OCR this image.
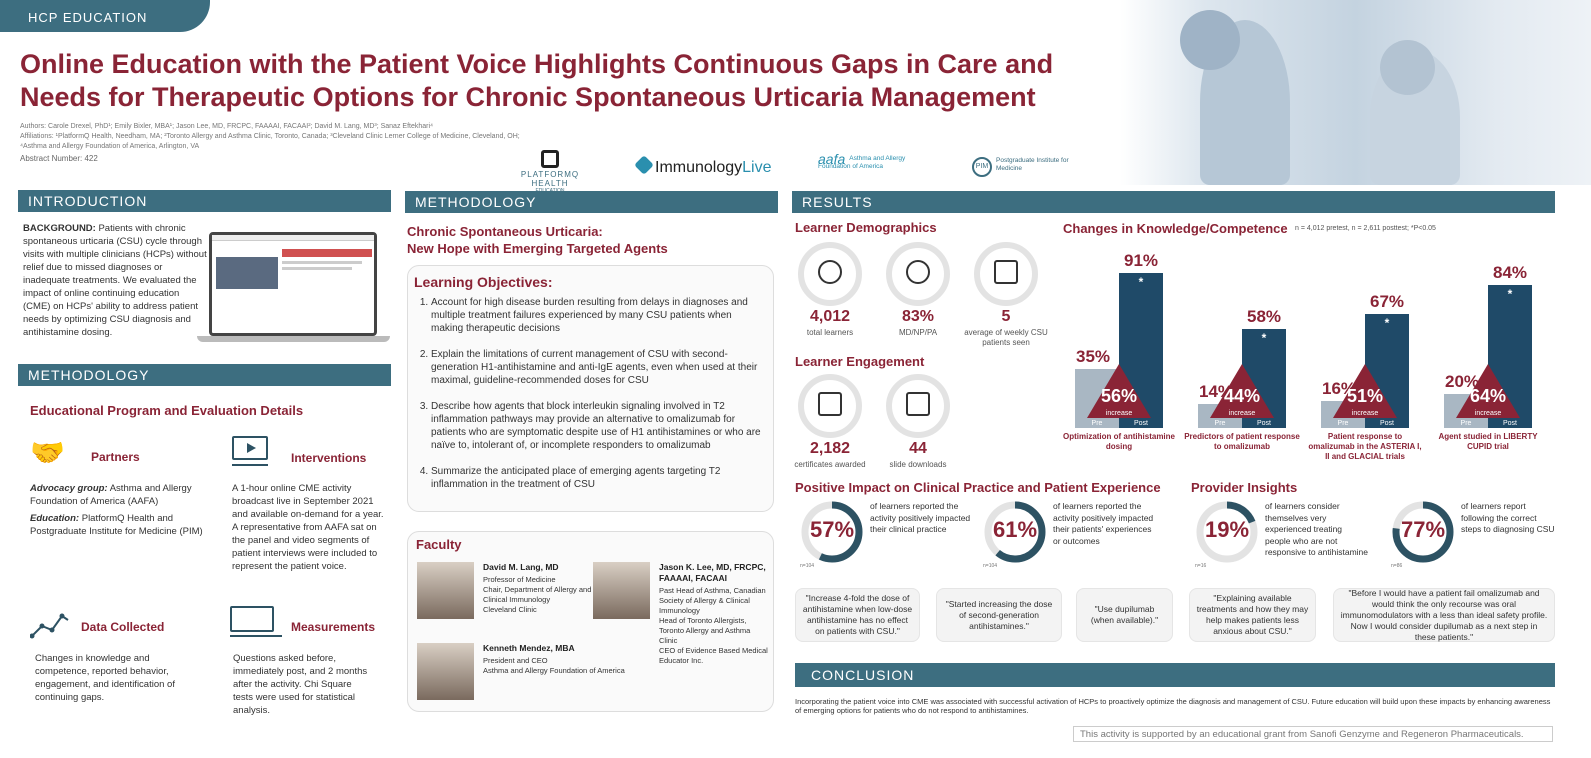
HCP EDUCATION
Online Education with the Patient Voice Highlights Continuous Gaps in Care and
Needs for Therapeutic Options for Chronic Spontaneous Urticaria Management
Authors: Carole Drexel, PhD¹; Emily Bixler, MBA¹; Jason Lee, MD, FRCPC, FAAAAI, FACAAI²; David M. Lang, MD³; Sanaz Eftekhari⁴
Affiliations: ¹PlatformQ Health, Needham, MA; ²Toronto Allergy and Asthma Clinic, Toronto, Canada; ³Cleveland Clinic Lerner College of Medicine, Cleveland, OH;
⁴Asthma and Allergy Foundation of America, Arlington, VA
Abstract Number: 422
PLATFORMQ HEALTH
ImmunologyLive	aafa Asthma and Allergy Foundation of America	PIM
Postgraduate Institute for Medicine
INTRODUCTION
BACKGROUND: Patients with chronic spontaneous urticaria (CSU) cycle through visits with multiple clinicians (HCPs) without relief due to missed diagnoses or inadequate treatments. We evaluated the impact of online continuing education (CME) on HCPs' ability to address patient needs by optimizing CSU diagnosis and antihistamine dosing.
METHODOLOGY
Educational Program and Evaluation Details
🤝	Partners
Advocacy group: Asthma and Allergy Foundation of America (AAFA)
Education: PlatformQ Health and Postgraduate Institute for Medicine (PIM)
Interventions
A 1-hour online CME activity broadcast live in September 2021 and available on-demand for a year. A representative from AAFA sat on the panel and video segments of patient interviews were included to represent the patient voice.
Data Collected
Changes in knowledge and competence, reported behavior, engagement, and identification of continuing gaps.
Measurements
Questions asked before, immediately post, and 2 months after the activity. Chi Square tests were used for statistical analysis.
METHODOLOGY
Chronic Spontaneous Urticaria:
New Hope with Emerging Targeted Agents
Learning Objectives:
1. Account for high disease burden resulting from delays in diagnoses and multiple treatment failures experienced by many CSU patients when making therapeutic decisions
2. Explain the limitations of current management of CSU with second-generation H1-antihistamine and anti-IgE agents, even when used at their maximal, guideline-recommended doses for CSU
3. Describe how agents that block interleukin signaling involved in T2 inflammation pathways may provide an alternative to omalizumab for patients who are symptomatic despite use of H1 antihistamines or who are naïve to, intolerant of, or incomplete responders to omalizumab
4. Summarize the anticipated place of emerging agents targeting T2 inflammation in the treatment of CSU
Faculty
David M. Lang, MD
Professor of Medicine
Chair, Department of Allergy and Clinical Immunology
Cleveland Clinic
Jason K. Lee, MD, FRCPC, FAAAAI, FACAAI
Past Head of Asthma, Canadian Society of Allergy & Clinical Immunology
Head of Toronto Allergists, Toronto Allergy and Asthma Clinic
CEO of Evidence Based Medical Educator Inc.
Kenneth Mendez, MBA
President and CEO
Asthma and Allergy Foundation of America
RESULTS
Learner Demographics
4,012
total learners
83%
MD/NP/PA
5
average of weekly CSU patients seen
Learner Engagement
2,182
certificates awarded
44
slide downloads
Changes in Knowledge/Competence n = 4,012 pretest, n = 2,611 posttest; *P<0.05
35%
91%
*
56%
increase
Pre	Post
Optimization of antihistamine dosing
14%
58%
*
44%
increase
Pre	Post
Predictors of patient response to omalizumab
16%
67%
*
51%
increase
Pre	Post
Patient response to omalizumab in the ASTERIA I, II and GLACIAL trials
20%
84%
*
64%
increase
Pre	Post
Agent studied in LIBERTY CUPID trial
Positive Impact on Clinical Practice and Patient Experience Provider Insights
57%
n=104
of learners reported the activity positively impacted their clinical practice	61%
n=104
of learners reported the activity positively impacted their patients' experiences or outcomes	19%
n=16
of learners consider themselves very experienced treating people who are not responsive to antihistamine
77%
n=86
of learners report following the correct steps to diagnosing CSU
"Increase 4-fold the dose of antihistamine when low-dose antihistamine has no effect on patients with CSU."
"Started increasing the dose of second-generation antihistamines."
"Use dupilumab (when available)."
"Explaining available treatments and how they may help makes patients less anxious about CSU."
"Before I would have a patient fail omalizumab and would think the only recourse was oral immunomodulators with a less than ideal safety profile. Now I would consider dupilumab as a next step in these patients."
CONCLUSION
Incorporating the patient voice into CME was associated with successful activation of HCPs to proactively optimize the diagnosis and management of CSU. Future education will build upon these impacts by enhancing awareness of emerging options for patients who do not respond to antihistamines.
This activity is supported by an educational grant from Sanofi Genzyme and Regeneron Pharmaceuticals.
